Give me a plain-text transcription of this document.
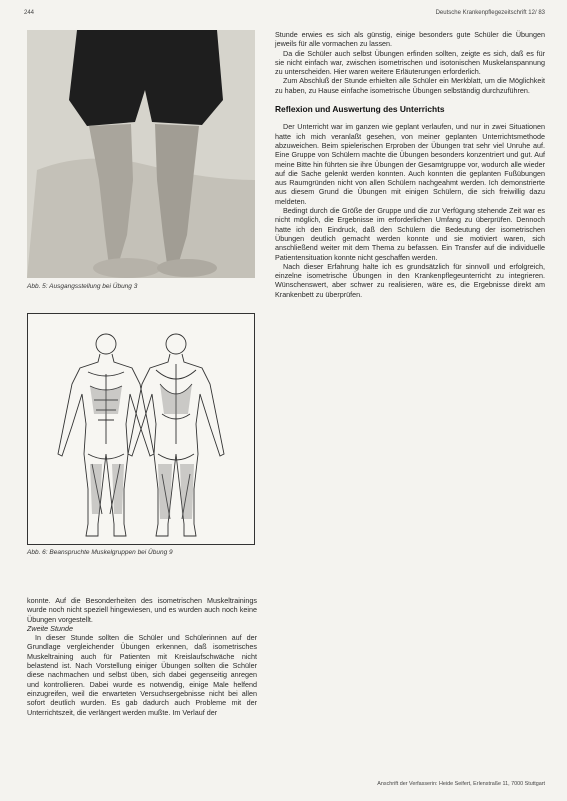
244	Deutsche Krankenpflegezeitschrift 12/ 83
Abb. 5: Ausgangsstellung bei Übung 3
Abb. 6: Beanspruchte Muskelgruppen bei Übung 9

Stunde erwies es sich als günstig, einige besonders gute Schüler die Übungen jeweils für alle vormachen zu lassen.

Da die Schüler auch selbst Übungen erfinden sollten, zeigte es sich, daß es für sie nicht einfach war, zwischen isometrischen und isotonischen Muskelanspannung zu unterscheiden. Hier waren weitere Erläuterungen erforderlich.

Zum Abschluß der Stunde erhielten alle Schüler ein Merkblatt, um die Möglichkeit zu haben, zu Hause einfache isometrische Übungen selbständig durchzuführen.

Reflexion und Auswertung des Unterrichts

Der Unterricht war im ganzen wie geplant verlaufen, und nur in zwei Situationen hatte ich mich veranlaßt gesehen, von meiner geplanten Unterrichtsmethode abzuweichen. Beim spielerischen Erproben der Übungen trat sehr viel Unruhe auf. Eine Gruppe von Schülern machte die Übungen besonders konzentriert und gut. Auf meine Bitte hin führten sie ihre Übungen der Gesamtgruppe vor, wodurch alle wieder auf die Sache gelenkt werden konnten. Auch konnten die geplanten Fußübungen aus Raumgründen nicht von allen Schülern nachgeahmt werden. Ich demonstrierte aus diesem Grund die Übungen mit einigen Schülern, die sich freiwillig dazu meldeten.

Bedingt durch die Größe der Gruppe und die zur Verfügung stehende Zeit war es nicht möglich, die Ergebnisse im erforderlichen Umfang zu überprüfen. Dennoch hatte ich den Eindruck, daß den Schülern die Bedeutung der isometrischen Übungen deutlich gemacht werden konnte und sie motiviert waren, sich anschließend weiter mit dem Thema zu befassen. Ein Transfer auf die individuelle Patientensituation konnte nicht geschaffen werden.

Nach dieser Erfahrung halte ich es grundsätzlich für sinnvoll und erfolgreich, einzelne isometrische Übungen in den Krankenpflegeunterricht zu integrieren. Wünschenswert, aber schwer zu realisieren, wäre es, die Ergebnisse direkt am Krankenbett zu überprüfen.

konnte. Auf die Besonderheiten des isometrischen Muskeltrainings wurde noch nicht speziell hingewiesen, und es wurden auch noch keine Übungen vorgestellt.

Zweite Stunde

In dieser Stunde sollten die Schüler und Schülerinnen auf der Grundlage vergleichender Übungen erkennen, daß isometrisches Muskeltraining auch für Patienten mit Kreislaufschwäche nicht belastend ist. Nach Vorstellung einiger Übungen sollten die Schüler diese nachmachen und selbst üben, sich dabei gegenseitig anregen und kontrollieren. Dabei wurde es notwendig, einige Male helfend einzugreifen, weil die erwarteten Versuchsergebnisse nicht bei allen sofort deutlich wurden. Es gab dadurch auch Probleme mit der Unterrichtszeit, die verlängert werden mußte. Im Verlauf der

Anschrift der Verfasserin: Heide Seifert, Erlenstraße 11, 7000 Stuttgart
